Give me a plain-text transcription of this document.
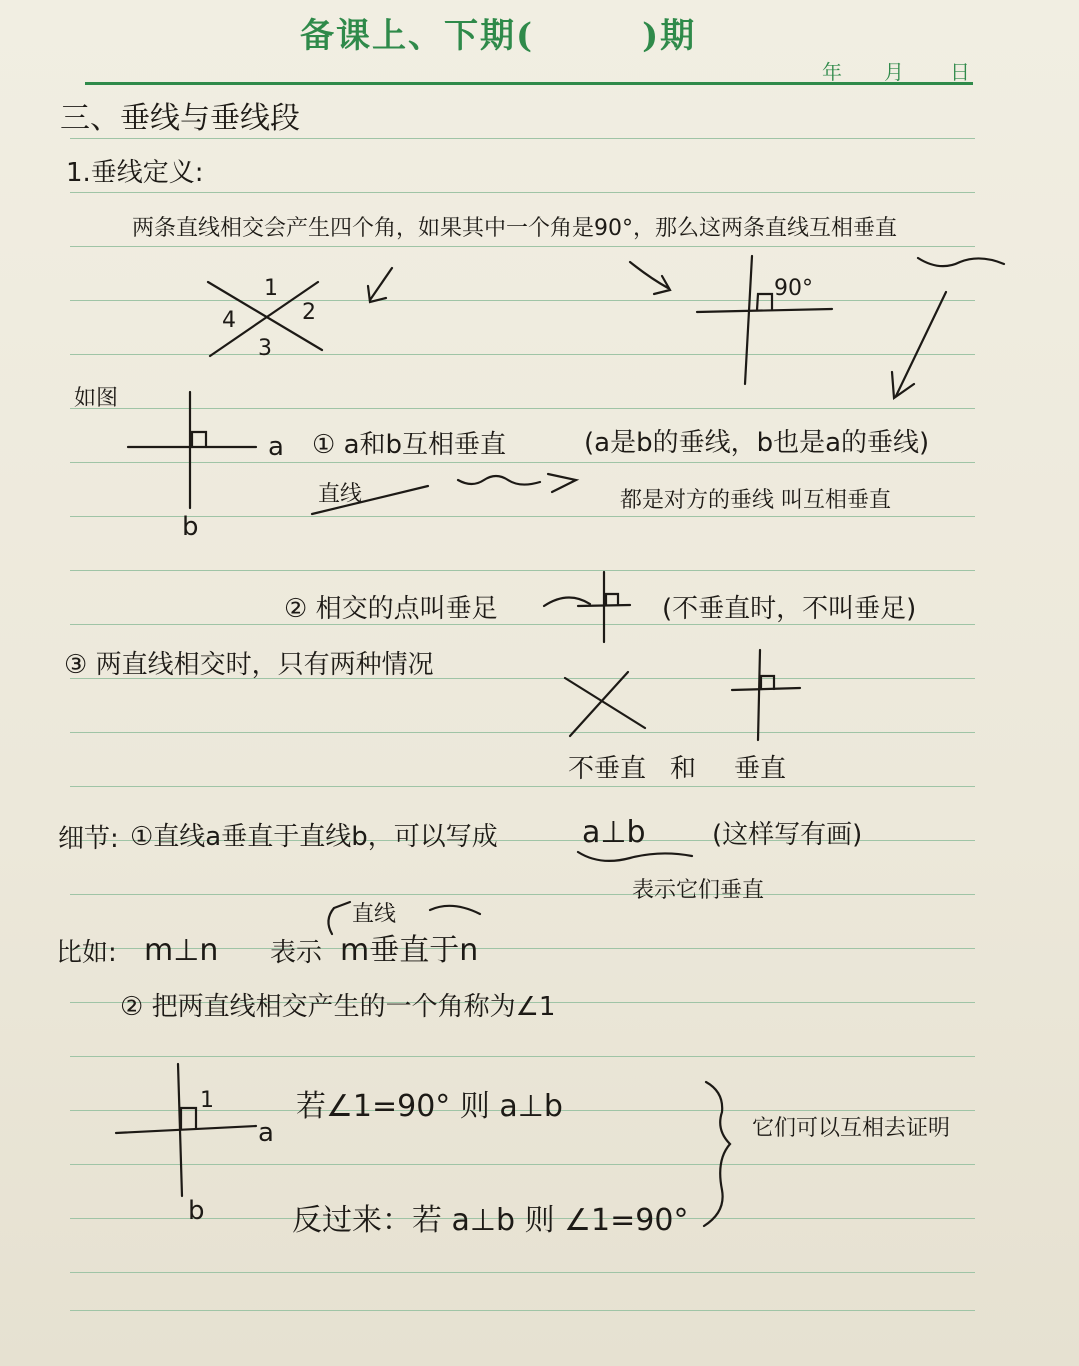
备课上、下期(　　　)期
年 月 日
三、垂线与垂线段
1.垂线定义:
两条直线相交会产生四个角，如果其中一个角是90°，那么这两条直线互相垂直
1
2
3
4
90°
如图
a
b
① a和b互相垂直
直线
(a是b的垂线，b也是a的垂线)
都是对方的垂线 叫互相垂直
② 相交的点叫垂足	(不垂直时，不叫垂足)
③ 两直线相交时，只有两种情况
不垂直 和 垂直
细节: ①直线a垂直于直线b，可以写成	a⊥b	(这样写有画)
表示它们垂直
比如: m⊥n 表示
直线
m垂直于n
② 把两直线相交产生的一个角称为∠1
1
a
b
若∠1=90° 则 a⊥b
反过来：若 a⊥b 则 ∠1=90°
它们可以互相去证明
